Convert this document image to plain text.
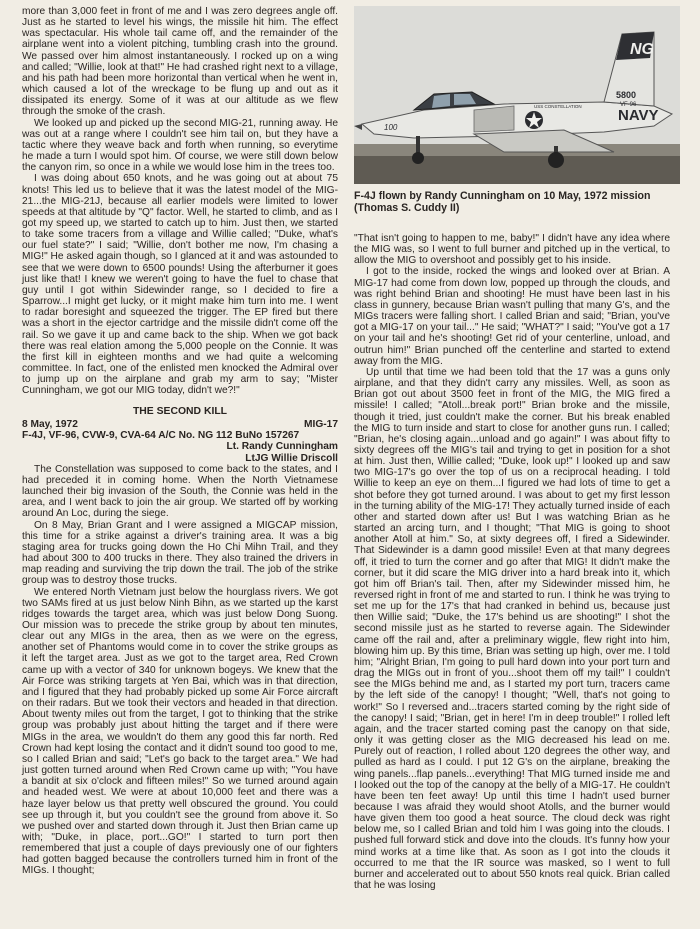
more than 3,000 feet in front of me and I was zero degrees angle off. Just as he started to level his wings, the missile hit him. The effect was spectacular. His whole tail came off, and the remainder of the airplane went into a violent pitching, tumbling crash into the ground. We passed over him almost instantaneously. I rocked up on a wing and called; "Willie, look at that!" He had crashed right next to a village, and his path had been more horizontal than vertical when he went in, which caused a lot of the wreckage to be flung up and out as it dissipated its energy. Some of it was at our altitude as we flew through the smoke of the crash.

We looked up and picked up the second MIG-21, running away. He was out at a range where I couldn't see him tail on, but they have a tactic where they weave back and forth when running, so everytime he made a turn I would spot him. Of course, we were still down below the canyon rim, so once in a while we would lose him in the trees too.

I was doing about 650 knots, and he was going out at about 75 knots! This led us to believe that it was the latest model of the MIG-21...the MIG-21J, because all earlier models were limited to lower speeds at that altitude by "Q" factor. Well, he started to climb, and as I got my speed up, we started to catch up to him. Just then, we started to take some tracers from a village and Willie called; "Duke, what's our fuel state?" I said; "Willie, don't bother me now, I'm chasing a MIG!" He asked again though, so I glanced at it and was astounded to see that we were down to 6500 pounds! Using the afterburner it goes just like that! I knew we weren't going to have the fuel to chase that guy until I got within Sidewinder range, so I decided to fire a Sparrow...I might get lucky, or it might make him turn into me. I went to radar boresight and squeezed the trigger. The EP fired but there was a short in the ejector cartridge and the missile didn't come off the rail. So we gave it up and came back to the ship. When we got back there was real elation among the 5,000 people on the Connie. It was the first kill in eighteen months and we had quite a welcoming committee. In fact, one of the enlisted men knocked the Admiral over to jump up on the airplane and grab my arm to say; "Mister Cunningham, we got our MIG today, didn't we?!"

THE SECOND KILL
8 May, 1972	MIG-17
F-4J, VF-96, CVW-9, CVA-64 A/C No. NG 112 BuNo 157267
Lt. Randy Cunningham
LtJG Willie Driscoll

The Constellation was supposed to come back to the states, and I had preceded it in coming home. When the North Vietnamese launched their big invasion of the South, the Connie was held in the area, and I went back to join the air group. We started off by working around An Loc, during the siege.

On 8 May, Brian Grant and I were assigned a MIGCAP mission, this time for a strike against a driver's training area. It was a big staging area for trucks going down the Ho Chi Mihn Trail, and they had about 300 to 400 trucks in there. They also trained the drivers in map reading and surviving the trip down the trail. The job of the strike group was to destroy those trucks.

We entered North Vietnam just below the hourglass rivers. We got two SAMs fired at us just below Ninh Bihn, as we started up the karst ridges towards the target area, which was just below Dong Suong. Our mission was to precede the strike group by about ten minutes, clear out any MIGs in the area, then as we were on the egress, another set of Phantoms would come in to cover the strike groups as it left the target area. Just as we got to the target area, Red Crown came up with a vector of 340 for unknown bogeys. We knew that the Air Force was striking targets at Yen Bai, which was in that direction, and I figured that they had probably picked up some Air Force aircraft on their radars. But we took their vectors and headed in that direction. About twenty miles out from the target, I got to thinking that the strike group was probably just about hitting the target and if there were MIGs in the area, we wouldn't do them any good this far north. Red Crown had kept losing the contact and it didn't sound too good to me, so I called Brian and said; "Let's go back to the target area." We had just gotten turned around when Red Crown came up with; "You have a bandit at six o'clock and fifteen miles!" So we turned around again and headed west. We were at about 10,000 feet and there was a haze layer below us that pretty well obscured the ground. You could see up through it, but you couldn't see the ground from above it. So we pushed over and started down through it. Just then Brian came up with; "Duke, in place, port...GO!" I started to turn port then remembered that just a couple of days previously one of our fighters had gotten bagged because the controllers turned him in front of the MIGs. I thought;

NG
NAVY
5800
VF-96
100
USS CONSTELLATION
F-4J flown by Randy Cunningham on 10 May, 1972 mission (Thomas S. Cuddy II)

"That isn't going to happen to me, baby!" I didn't have any idea where the MIG was, so I went to full burner and pitched up in the vertical, to allow the MIG to overshoot and possibly get to his inside.

I got to the inside, rocked the wings and looked over at Brian. A MIG-17 had come from down low, popped up through the clouds, and was right behind Brian and shooting! He must have been last in his class in gunnery, because Brian wasn't pulling that many G's, and the MIGs tracers were falling short. I called Brian and said; "Brian, you've got a MIG-17 on your tail..." He said; "WHAT?" I said; "You've got a 17 on your tail and he's shooting! Get rid of your centerline, unload, and outrun him!" Brian punched off the centerline and started to extend away from the MIG.

Up until that time we had been told that the 17 was a guns only airplane, and that they didn't carry any missiles. Well, as soon as Brian got out about 3500 feet in front of the MIG, the MIG fired a missile! I called; "Atoll...break port!" Brian broke and the missile, though it tried, just couldn't make the corner. But his break enabled the MIG to turn inside and start to close for another guns run. I called; "Brian, he's closing again...unload and go again!" I was about fifty to sixty degrees off the MIG's tail and trying to get in position for a shot at him. Just then, Willie called; "Duke, look up!" I looked up and saw two MIG-17's go over the top of us on a reciprocal heading. I told Willie to keep an eye on them...I figured we had lots of time to get a shot before they got turned around. I was about to get my first lesson in the turning ability of the MIG-17! They actually turned inside of each other and started down after us! But I was watching Brian as he started an arcing turn, and I thought; "That MIG is going to shoot another Atoll at him." So, at sixty degrees off, I fired a Sidewinder. That Sidewinder is a damn good missile! Even at that many degrees off, it tried to turn the corner and go after that MIG! It didn't make the corner, but it did scare the MIG driver into a hard break into it, which got him off Brian's tail. Then, after my Sidewinder missed him, he reversed right in front of me and started to run. I think he was trying to set me up for the 17's that had cranked in behind us, because just then Willie said; "Duke, the 17's behind us are shooting!" I shot the second missile just as he started to reverse again. The Sidewinder came off the rail and, after a preliminary wiggle, flew right into him, blowing him up. By this time, Brian was setting up high, over me. I told him; "Alright Brian, I'm going to pull hard down into your port turn and drag the MIGs out in front of you...shoot them off my tail!" I couldn't see the MIGs behind me and, as I started my port turn, tracers came by the left side of the canopy! I thought; "Well, that's not going to work!" So I reversed and...tracers started coming by the right side of the canopy! I said; "Brian, get in here! I'm in deep trouble!" I rolled left again, and the tracer started coming past the canopy on that side, only it was getting closer as the MIG decreased his lead on me. Purely out of reaction, I rolled about 120 degrees the other way, and pulled as hard as I could. I put 12 G's on the airplane, breaking the wing panels...flap panels...everything! That MIG turned inside me and I looked out the top of the canopy at the belly of a MIG-17. He couldn't have been ten feet away! Up until this time I hadn't used burner because I was afraid they would shoot Atolls, and the burner would have given them too good a heat source. The cloud deck was right below me, so I called Brian and told him I was going into the clouds. I pushed full forward stick and dove into the clouds. It's funny how your mind works at a time like that. As soon as I got into the clouds it occurred to me that the IR source was masked, so I went to full burner and accelerated out to about 550 knots real quick. Brian called that he was losing
